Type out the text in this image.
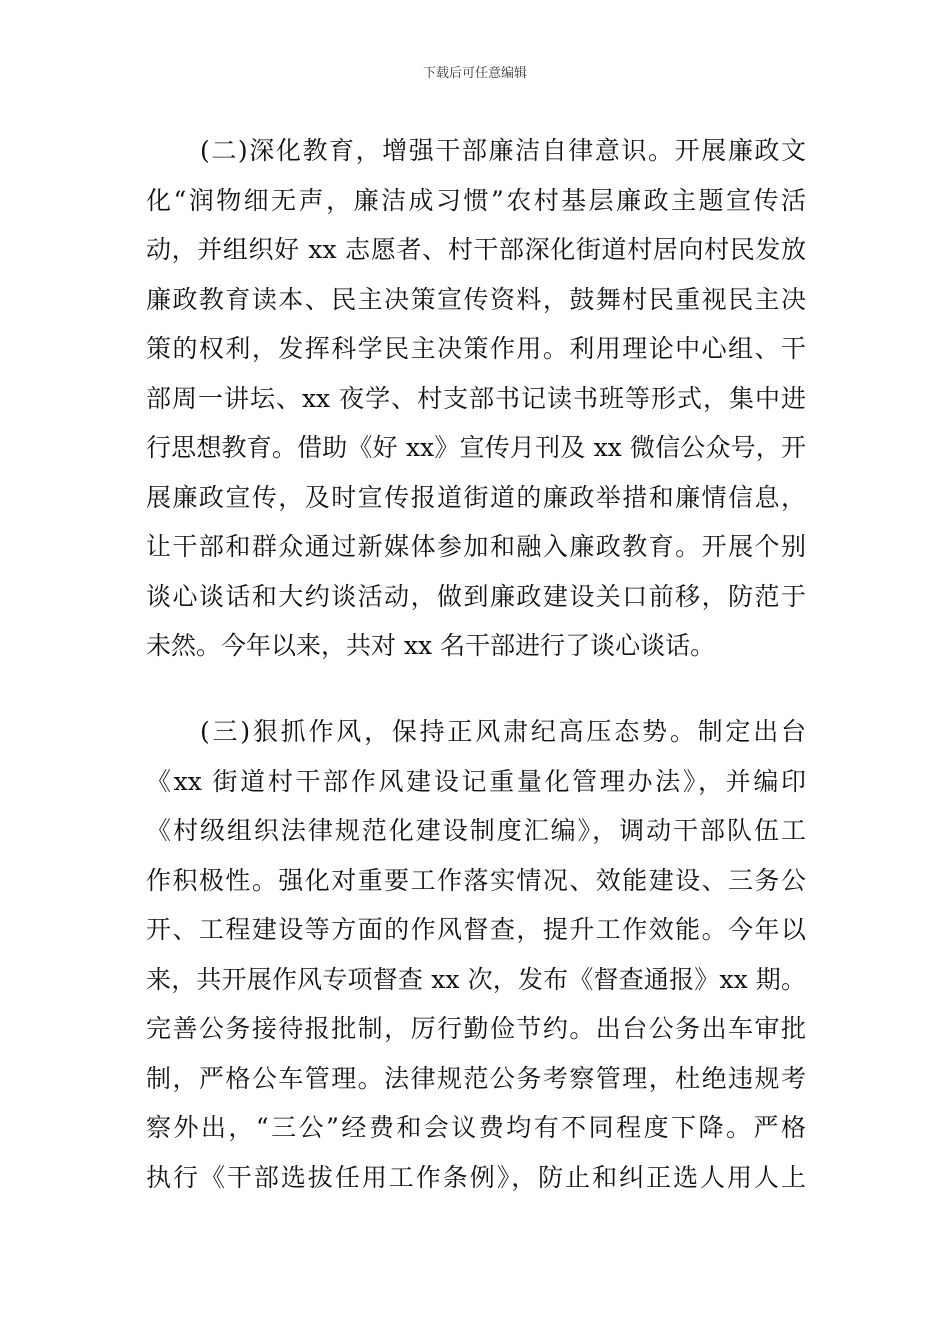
下载后可任意编辑
(二)深化教育，增强干部廉洁自律意识。开展廉政文
化“润物细无声，廉洁成习惯”农村基层廉政主题宣传活
动，并组织好 xx 志愿者、村干部深化街道村居向村民发放
廉政教育读本、民主决策宣传资料，鼓舞村民重视民主决
策的权利，发挥科学民主决策作用。利用理论中心组、干
部周一讲坛、xx 夜学、村支部书记读书班等形式，集中进
行思想教育。借助《好 xx》宣传月刊及 xx 微信公众号，开
展廉政宣传，及时宣传报道街道的廉政举措和廉情信息，
让干部和群众通过新媒体参加和融入廉政教育。开展个别
谈心谈话和大约谈活动，做到廉政建设关口前移，防范于
未然。今年以来，共对 xx 名干部进行了谈心谈话。
(三)狠抓作风，保持正风肃纪高压态势。制定出台
《xx 街道村干部作风建设记重量化管理办法》，并编印
《村级组织法律规范化建设制度汇编》，调动干部队伍工
作积极性。强化对重要工作落实情况、效能建设、三务公
开、工程建设等方面的作风督查，提升工作效能。今年以
来，共开展作风专项督查 xx 次，发布《督查通报》xx 期。
完善公务接待报批制，厉行勤俭节约。出台公务出车审批
制，严格公车管理。法律规范公务考察管理，杜绝违规考
察外出，“三公”经费和会议费均有不同程度下降。严格
执行《干部选拔任用工作条例》，防止和纠正选人用人上
